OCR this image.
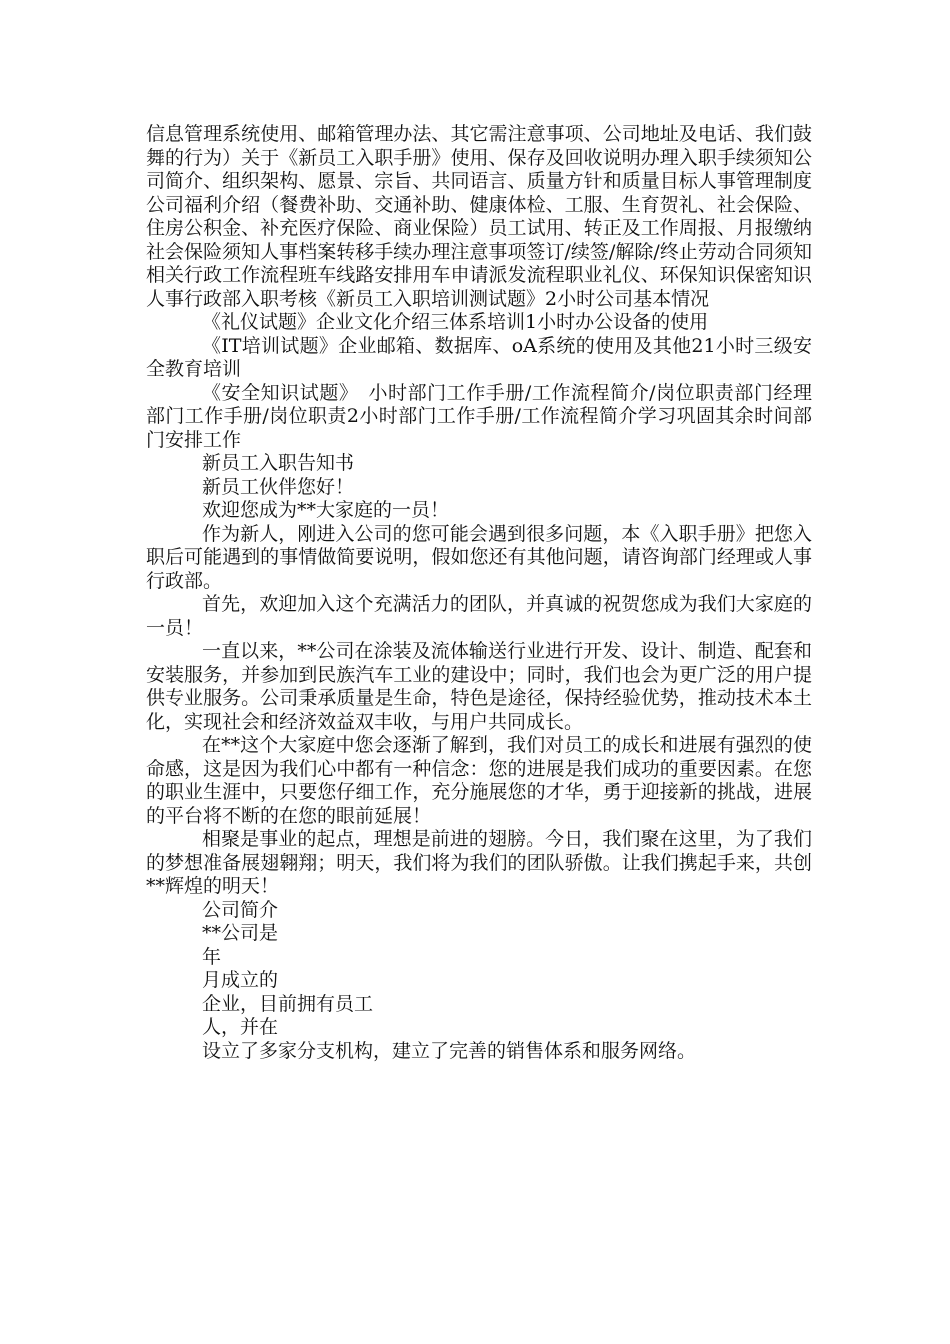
信息管理系统使用、邮箱管理办法、其它需注意事项、公司地址及电话、我们鼓舞的行为）关于《新员工入职手册》使用、保存及回收说明办理入职手续须知公司简介、组织架构、愿景、宗旨、共同语言、质量方针和质量目标人事管理制度公司福利介绍（餐费补助、交通补助、健康体检、工服、生育贺礼、社会保险、住房公积金、补充医疗保险、商业保险）员工试用、转正及工作周报、月报缴纳社会保险须知人事档案转移手续办理注意事项签订/续签/解除/终止劳动合同须知相关行政工作流程班车线路安排用车申请派发流程职业礼仪、环保知识保密知识人事行政部入职考核《新员工入职培训测试题》2小时公司基本情况

《礼仪试题》企业文化介绍三体系培训1小时办公设备的使用

《IT培训试题》企业邮箱、数据库、oA系统的使用及其他21小时三级安全教育培训

《安全知识试题》　小时部门工作手册/工作流程简介/岗位职责部门经理部门工作手册/岗位职责2小时部门工作手册/工作流程简介学习巩固其余时间部门安排工作

新员工入职告知书

新员工伙伴您好！

欢迎您成为**大家庭的一员！

作为新人，刚进入公司的您可能会遇到很多问题，本《入职手册》把您入职后可能遇到的事情做简要说明，假如您还有其他问题，请咨询部门经理或人事行政部。

首先，欢迎加入这个充满活力的团队，并真诚的祝贺您成为我们大家庭的一员！

一直以来，**公司在涂装及流体输送行业进行开发、设计、制造、配套和安装服务，并参加到民族汽车工业的建设中；同时，我们也会为更广泛的用户提供专业服务。公司秉承质量是生命，特色是途径，保持经验优势，推动技术本土化，实现社会和经济效益双丰收，与用户共同成长。

在**这个大家庭中您会逐渐了解到，我们对员工的成长和进展有强烈的使命感，这是因为我们心中都有一种信念：您的进展是我们成功的重要因素。在您的职业生涯中，只要您仔细工作，充分施展您的才华，勇于迎接新的挑战，进展的平台将不断的在您的眼前延展！

相聚是事业的起点，理想是前进的翅膀。今日，我们聚在这里，为了我们的梦想准备展翅翱翔；明天，我们将为我们的团队骄傲。让我们携起手来，共创**辉煌的明天！

公司简介

**公司是

年

月成立的

企业，目前拥有员工

人，并在

设立了多家分支机构，建立了完善的销售体系和服务网络。
